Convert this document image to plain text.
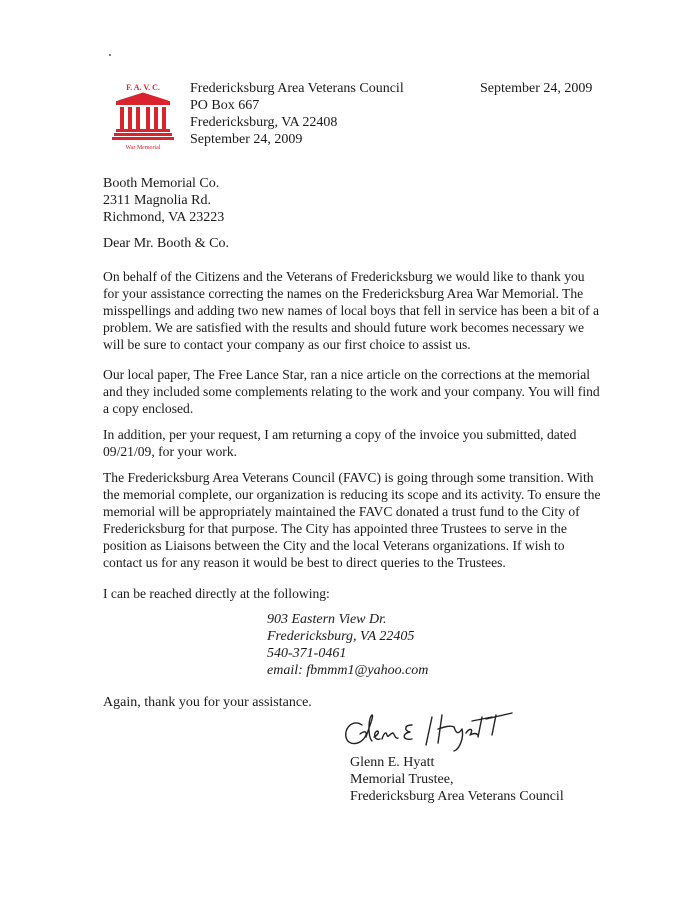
F. A. V. C.
War Memorial
Fredericksburg Area Veterans Council
PO Box 667
Fredericksburg, VA 22408
September 24, 2009
September 24, 2009
Booth Memorial Co.
2311 Magnolia Rd.
Richmond, VA 23223
Dear Mr. Booth & Co.

On behalf of the Citizens and the Veterans of Fredericksburg we would like to thank you for your assistance correcting the names on the Fredericksburg Area War Memorial. The misspellings and adding two new names of local boys that fell in service has been a bit of a problem. We are satisfied with the results and should future work becomes necessary we will be sure to contact your company as our first choice to assist us.

Our local paper, The Free Lance Star, ran a nice article on the corrections at the memorial and they included some complements relating to the work and your company. You will find a copy enclosed.

In addition, per your request, I am returning a copy of the invoice you submitted, dated 09/21/09, for your work.

The Fredericksburg Area Veterans Council (FAVC) is going through some transition. With the memorial complete, our organization is reducing its scope and its activity. To ensure the memorial will be appropriately maintained the FAVC donated a trust fund to the City of Fredericksburg for that purpose. The City has appointed three Trustees to serve in the position as Liaisons between the City and the local Veterans organizations. If wish to contact us for any reason it would be best to direct queries to the Trustees.

I can be reached directly at the following:

903 Eastern View Dr.
Fredericksburg, VA 22405
540-371-0461
email: fbmmm1@yahoo.com
Again, thank you for your assistance.
Glenn E. Hyatt
Memorial Trustee,
Fredericksburg Area Veterans Council
